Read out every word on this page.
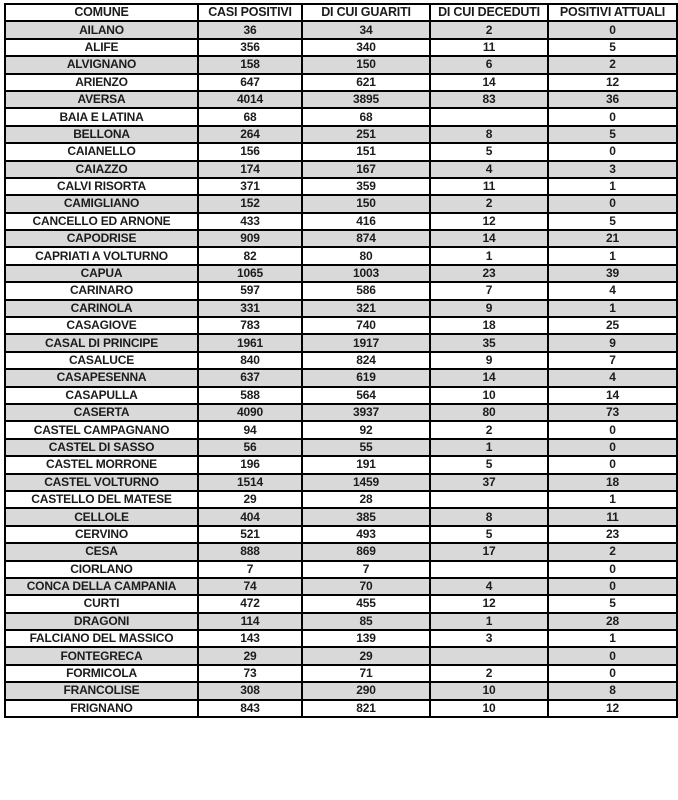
COMUNE	CASI POSITIVI	DI CUI GUARITI	DI CUI DECEDUTI	POSITIVI ATTUALI
AILANO	36	34	2	0
ALIFE	356	340	11	5
ALVIGNANO	158	150	6	2
ARIENZO	647	621	14	12
AVERSA	4014	3895	83	36
BAIA E LATINA	68	68		0
BELLONA	264	251	8	5
CAIANELLO	156	151	5	0
CAIAZZO	174	167	4	3
CALVI RISORTA	371	359	11	1
CAMIGLIANO	152	150	2	0
CANCELLO ED ARNONE	433	416	12	5
CAPODRISE	909	874	14	21
CAPRIATI A VOLTURNO	82	80	1	1
CAPUA	1065	1003	23	39
CARINARO	597	586	7	4
CARINOLA	331	321	9	1
CASAGIOVE	783	740	18	25
CASAL DI PRINCIPE	1961	1917	35	9
CASALUCE	840	824	9	7
CASAPESENNA	637	619	14	4
CASAPULLA	588	564	10	14
CASERTA	4090	3937	80	73
CASTEL CAMPAGNANO	94	92	2	0
CASTEL DI SASSO	56	55	1	0
CASTEL MORRONE	196	191	5	0
CASTEL VOLTURNO	1514	1459	37	18
CASTELLO DEL MATESE	29	28		1
CELLOLE	404	385	8	11
CERVINO	521	493	5	23
CESA	888	869	17	2
CIORLANO	7	7		0
CONCA DELLA CAMPANIA	74	70	4	0
CURTI	472	455	12	5
DRAGONI	114	85	1	28
FALCIANO DEL MASSICO	143	139	3	1
FONTEGRECA	29	29		0
FORMICOLA	73	71	2	0
FRANCOLISE	308	290	10	8
FRIGNANO	843	821	10	12
